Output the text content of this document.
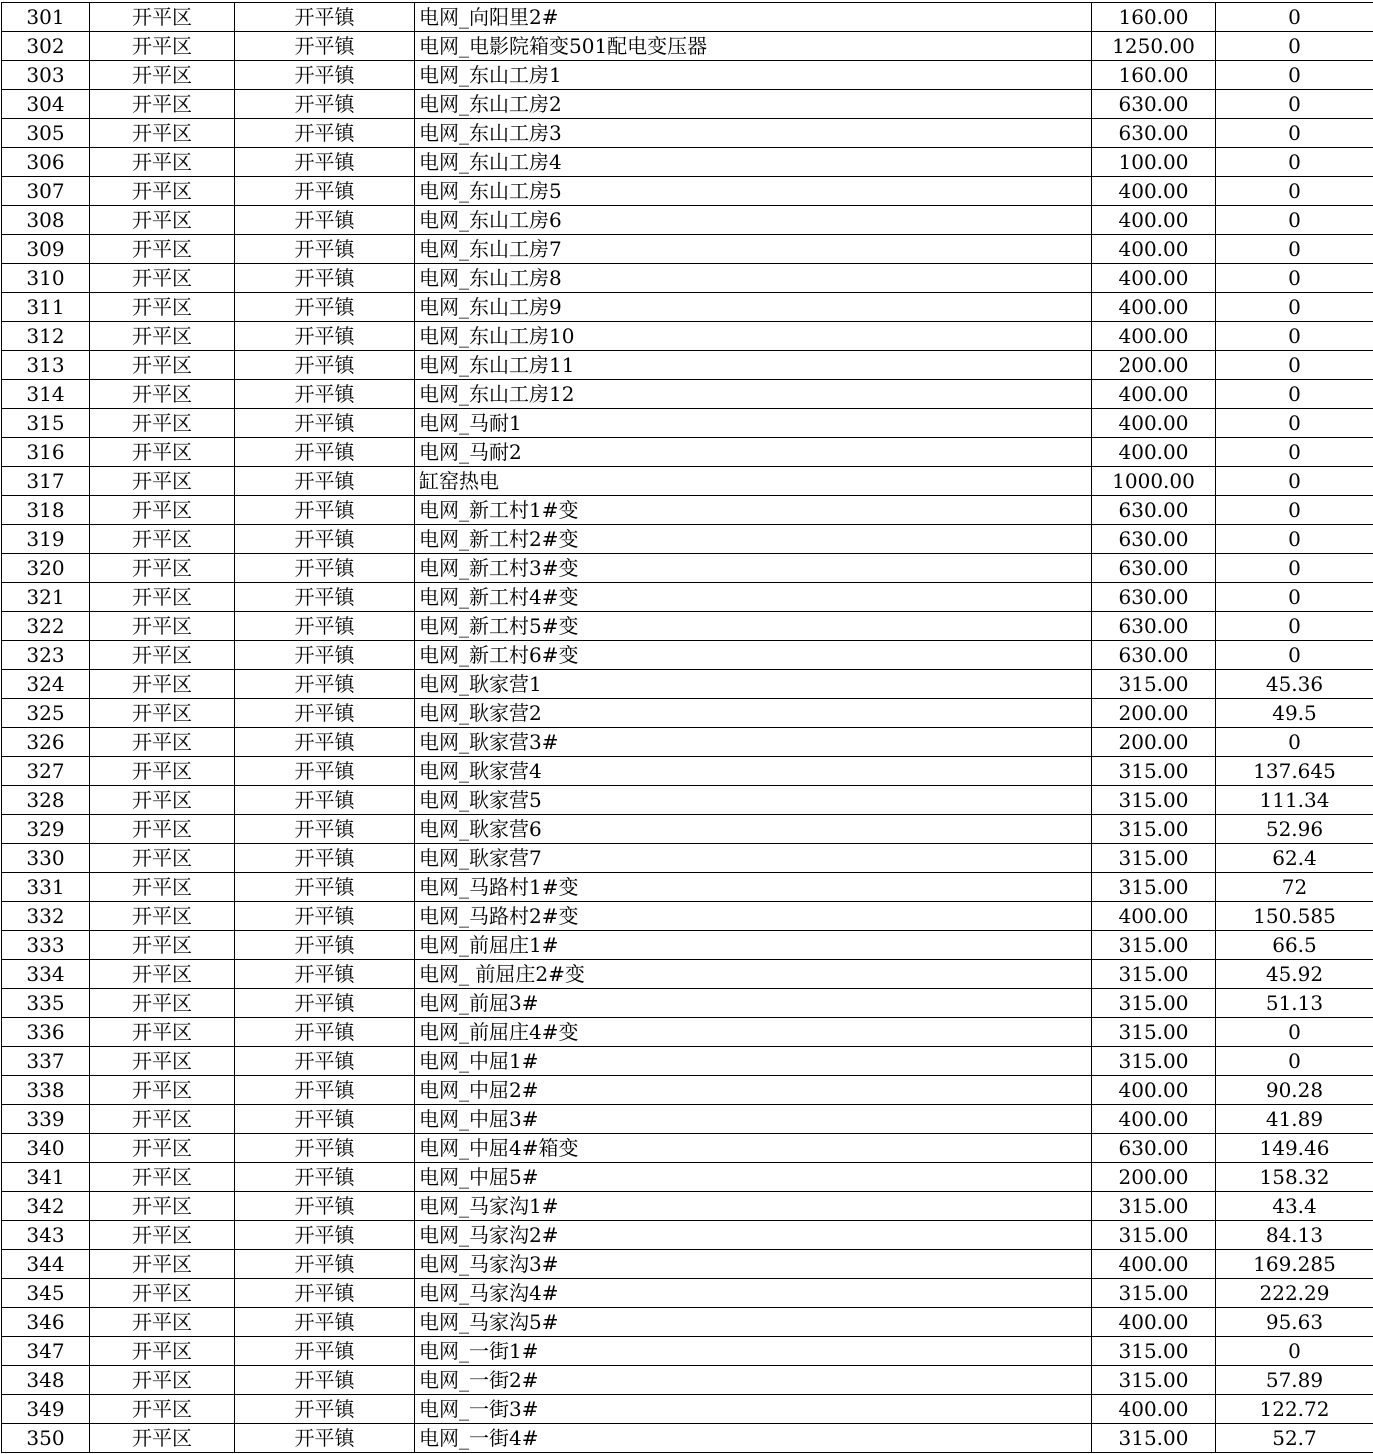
301	开平区	开平镇	电网_向阳里2#	160.00	0
302	开平区	开平镇	电网_电影院箱变501配电变压器	1250.00	0
303	开平区	开平镇	电网_东山工房1	160.00	0
304	开平区	开平镇	电网_东山工房2	630.00	0
305	开平区	开平镇	电网_东山工房3	630.00	0
306	开平区	开平镇	电网_东山工房4	100.00	0
307	开平区	开平镇	电网_东山工房5	400.00	0
308	开平区	开平镇	电网_东山工房6	400.00	0
309	开平区	开平镇	电网_东山工房7	400.00	0
310	开平区	开平镇	电网_东山工房8	400.00	0
311	开平区	开平镇	电网_东山工房9	400.00	0
312	开平区	开平镇	电网_东山工房10	400.00	0
313	开平区	开平镇	电网_东山工房11	200.00	0
314	开平区	开平镇	电网_东山工房12	400.00	0
315	开平区	开平镇	电网_马耐1	400.00	0
316	开平区	开平镇	电网_马耐2	400.00	0
317	开平区	开平镇	缸窑热电	1000.00	0
318	开平区	开平镇	电网_新工村1#变	630.00	0
319	开平区	开平镇	电网_新工村2#变	630.00	0
320	开平区	开平镇	电网_新工村3#变	630.00	0
321	开平区	开平镇	电网_新工村4#变	630.00	0
322	开平区	开平镇	电网_新工村5#变	630.00	0
323	开平区	开平镇	电网_新工村6#变	630.00	0
324	开平区	开平镇	电网_耿家营1	315.00	45.36
325	开平区	开平镇	电网_耿家营2	200.00	49.5
326	开平区	开平镇	电网_耿家营3#	200.00	0
327	开平区	开平镇	电网_耿家营4	315.00	137.645
328	开平区	开平镇	电网_耿家营5	315.00	111.34
329	开平区	开平镇	电网_耿家营6	315.00	52.96
330	开平区	开平镇	电网_耿家营7	315.00	62.4
331	开平区	开平镇	电网_马路村1#变	315.00	72
332	开平区	开平镇	电网_马路村2#变	400.00	150.585
333	开平区	开平镇	电网_前屈庄1#	315.00	66.5
334	开平区	开平镇	电网_ 前屈庄2#变	315.00	45.92
335	开平区	开平镇	电网_前屈3#	315.00	51.13
336	开平区	开平镇	电网_前屈庄4#变	315.00	0
337	开平区	开平镇	电网_中屈1#	315.00	0
338	开平区	开平镇	电网_中屈2#	400.00	90.28
339	开平区	开平镇	电网_中屈3#	400.00	41.89
340	开平区	开平镇	电网_中屈4#箱变	630.00	149.46
341	开平区	开平镇	电网_中屈5#	200.00	158.32
342	开平区	开平镇	电网_马家沟1#	315.00	43.4
343	开平区	开平镇	电网_马家沟2#	315.00	84.13
344	开平区	开平镇	电网_马家沟3#	400.00	169.285
345	开平区	开平镇	电网_马家沟4#	315.00	222.29
346	开平区	开平镇	电网_马家沟5#	400.00	95.63
347	开平区	开平镇	电网_一街1#	315.00	0
348	开平区	开平镇	电网_一街2#	315.00	57.89
349	开平区	开平镇	电网_一街3#	400.00	122.72
350	开平区	开平镇	电网_一街4#	315.00	52.7
